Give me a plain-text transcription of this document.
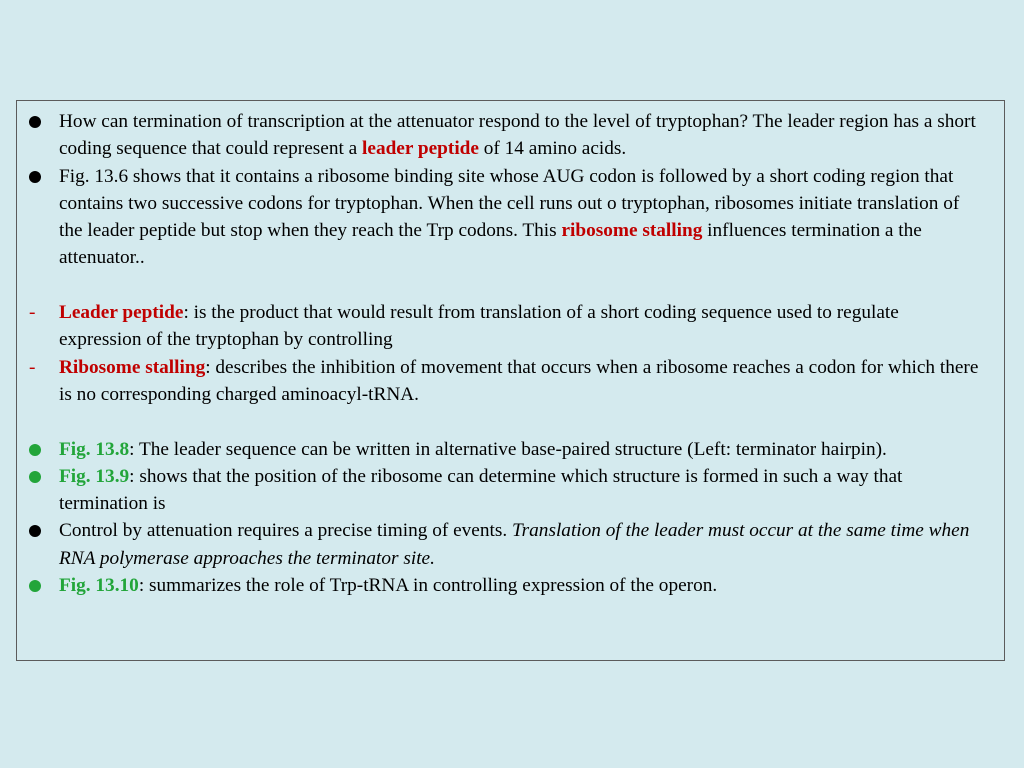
How can termination of transcription at the attenuator respond to the level of tryptophan? The leader region has a short coding sequence that could represent a leader peptide of 14 amino acids.
Fig. 13.6 shows that it contains a ribosome binding site whose AUG codon is followed by a short coding region that contains two successive codons for tryptophan. When the cell runs out o tryptophan, ribosomes initiate translation of the leader peptide but stop when they reach the Trp codons. This ribosome stalling influences termination a the attenuator..
- Leader peptide: is the product that would result from translation of a short coding sequence used to regulate expression of the tryptophan by controlling
- Ribosome stalling: describes the inhibition of movement that occurs when a ribosome reaches a codon for which there is no corresponding charged aminoacyl-tRNA.
Fig. 13.8: The leader sequence can be written in alternative base-paired structure (Left: terminator hairpin).
Fig. 13.9: shows that the position of the ribosome can determine which structure is formed in such a way that termination is
Control by attenuation requires a precise timing of events. Translation of the leader must occur at the same time when RNA polymerase approaches the terminator site.
Fig. 13.10: summarizes the role of Trp-tRNA in controlling expression of the operon.
